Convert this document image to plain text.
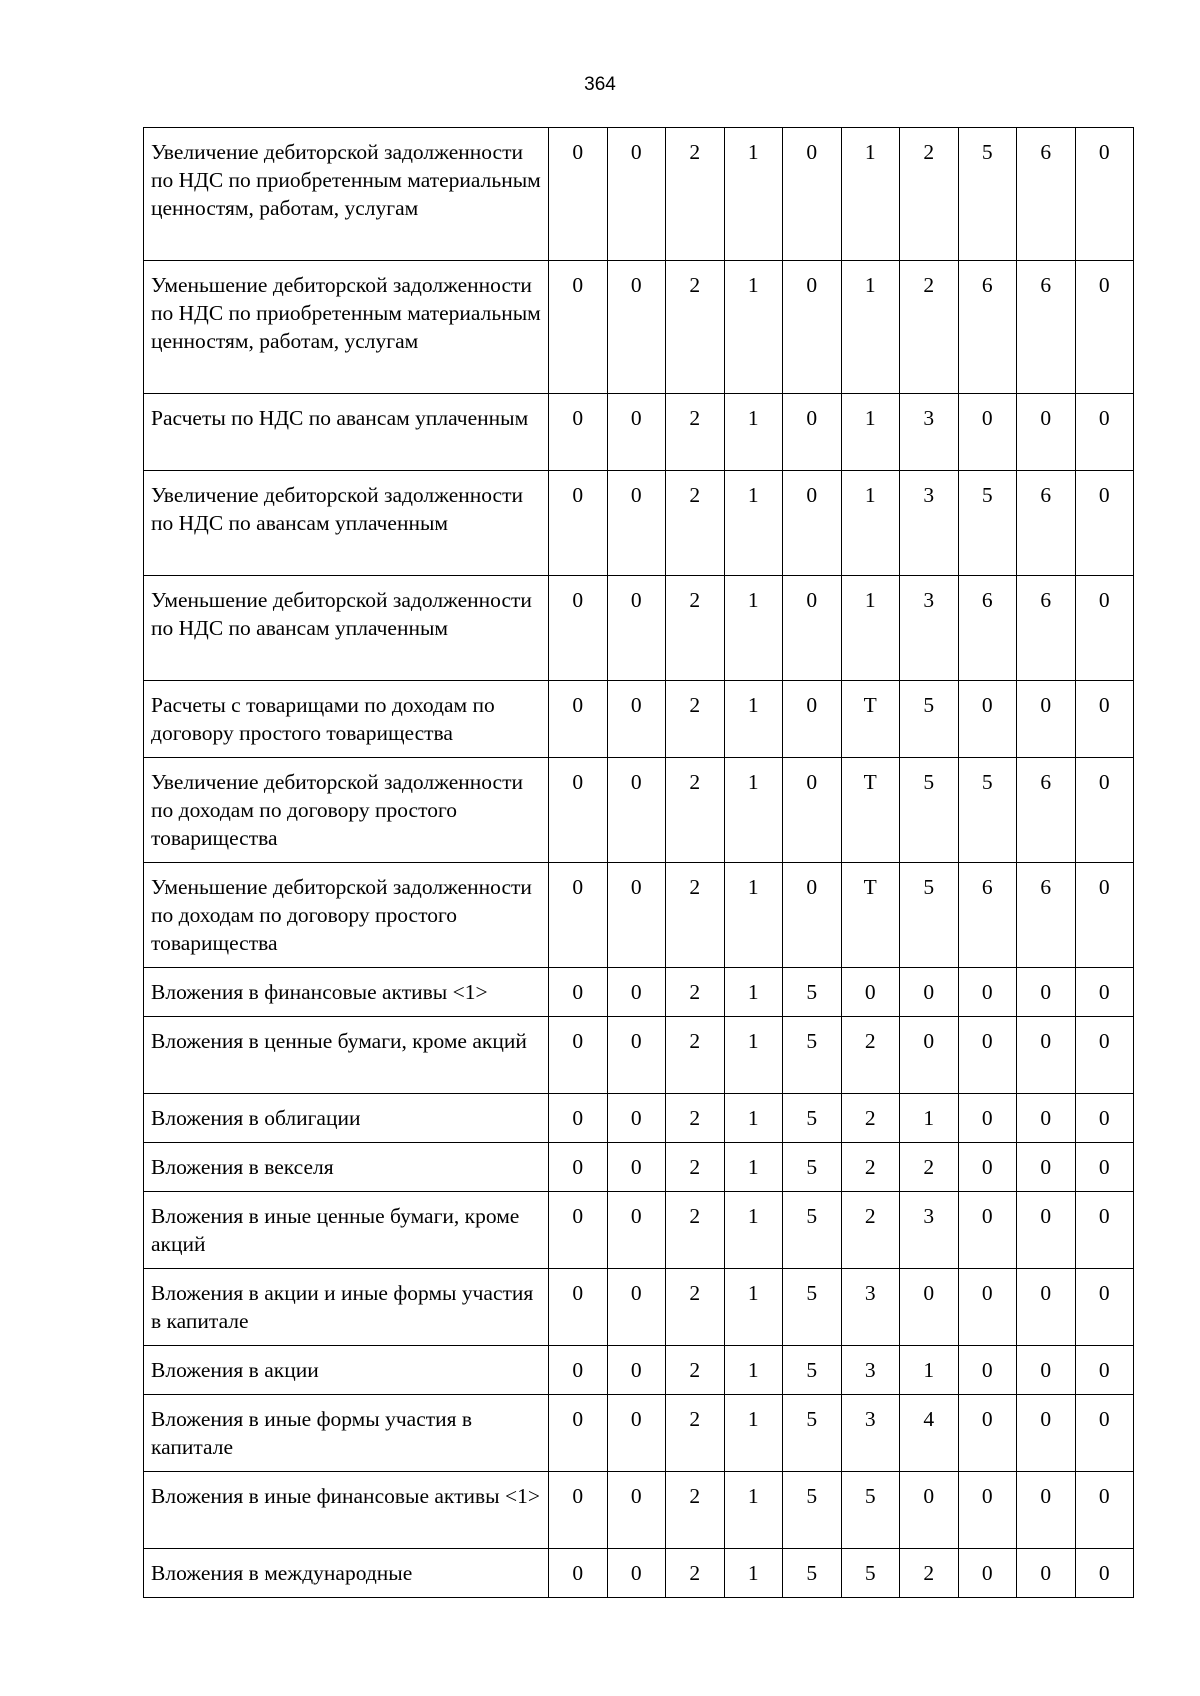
364
Увеличение дебиторской задолженности по НДС по приобретенным материальным ценностям, работам, услугам	0	0	2	1	0	1	2	5	6	0
Уменьшение дебиторской задолженности по НДС по приобретенным материальным ценностям, работам, услугам	0	0	2	1	0	1	2	6	6	0
Расчеты по НДС по авансам уплаченным	0	0	2	1	0	1	3	0	0	0
Увеличение дебиторской задолженности по НДС по авансам уплаченным	0	0	2	1	0	1	3	5	6	0
Уменьшение дебиторской задолженности по НДС по авансам уплаченным	0	0	2	1	0	1	3	6	6	0
Расчеты с товарищами по доходам по договору простого товарищества	0	0	2	1	0	Т	5	0	0	0
Увеличение дебиторской задолженности по доходам по договору простого товарищества	0	0	2	1	0	Т	5	5	6	0
Уменьшение дебиторской задолженности по доходам по договору простого товарищества	0	0	2	1	0	Т	5	6	6	0
Вложения в финансовые активы <1>	0	0	2	1	5	0	0	0	0	0
Вложения в ценные бумаги, кроме акций	0	0	2	1	5	2	0	0	0	0
Вложения в облигации	0	0	2	1	5	2	1	0	0	0
Вложения в векселя	0	0	2	1	5	2	2	0	0	0
Вложения в иные ценные бумаги, кроме акций	0	0	2	1	5	2	3	0	0	0
Вложения в акции и иные формы участия в капитале	0	0	2	1	5	3	0	0	0	0
Вложения в акции	0	0	2	1	5	3	1	0	0	0
Вложения в иные формы участия в капитале	0	0	2	1	5	3	4	0	0	0
Вложения в иные финансовые активы <1>	0	0	2	1	5	5	0	0	0	0
Вложения в международные	0	0	2	1	5	5	2	0	0	0
